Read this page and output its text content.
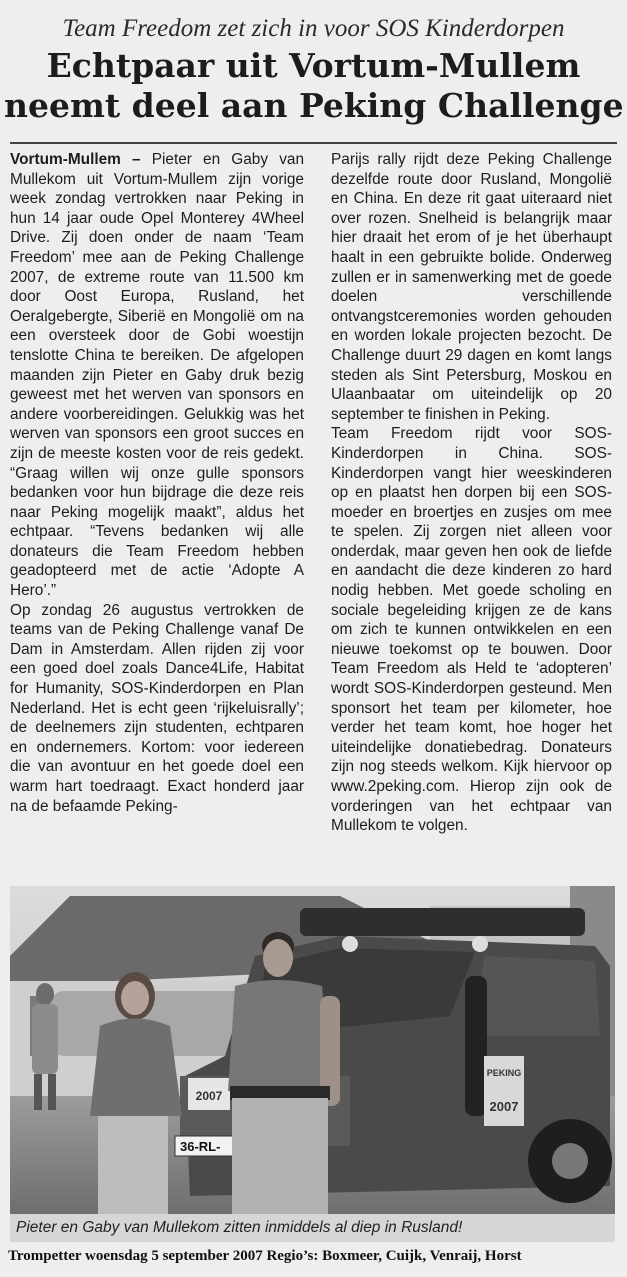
Team Freedom zet zich in voor SOS Kinderdorpen
Echtpaar uit Vortum-Mullem
neemt deel aan Peking Challenge

Vortum-Mullem – Pieter en Gaby van Mullekom uit Vortum-Mullem zijn vorige week zondag vertrokken naar Peking in hun 14 jaar oude Opel Monterey 4Wheel Drive. Zij doen onder de naam ‘Team Freedom’ mee aan de Peking Challenge 2007, de extreme route van 11.500 km door Oost Europa, Rusland, het Oeralgebergte, Siberië en Mongolië om na een oversteek door de Gobi woestijn tenslotte China te bereiken. De afgelopen maanden zijn Pieter en Gaby druk bezig geweest met het werven van sponsors en andere voorbereidingen. Gelukkig was het werven van sponsors een groot succes en zijn de meeste kosten voor de reis gedekt. “Graag willen wij onze gulle sponsors bedanken voor hun bijdrage die deze reis naar Peking mogelijk maakt”, aldus het echtpaar. “Tevens bedanken wij alle donateurs die Team Freedom hebben geadopteerd met de actie ‘Adopte A Hero’.”

Op zondag 26 augustus vertrokken de teams van de Peking Challenge vanaf De Dam in Amsterdam. Allen rijden zij voor een goed doel zoals Dance4Life, Habitat for Humanity, SOS-Kinderdorpen en Plan Nederland. Het is echt geen ‘rijkeluisrally’; de deelnemers zijn studenten, echtparen en ondernemers. Kortom: voor iedereen die van avontuur en het goede doel een warm hart toedraagt. Exact honderd jaar na de befaamde Peking-

Parijs rally rijdt deze Peking Challenge dezelfde route door Rusland, Mongolië en China. En deze rit gaat uiteraard niet over rozen. Snelheid is belangrijk maar hier draait het erom of je het überhaupt haalt in een gebruikte bolide. Onderweg zullen er in samenwerking met de goede doelen verschillende ontvangstceremonies worden gehouden en worden lokale projecten bezocht. De Challenge duurt 29 dagen en komt langs steden als Sint Petersburg, Moskou en Ulaanbaatar om uiteindelijk op 20 september te finishen in Peking.

Team Freedom rijdt voor SOS-Kinderdorpen in China. SOS-Kinderdorpen vangt hier weeskinderen op en plaatst hen dorpen bij een SOS-moeder en broertjes en zusjes om mee te spelen. Zij zorgen niet alleen voor onderdak, maar geven hen ook de liefde en aandacht die deze kinderen zo hard nodig hebben. Met goede scholing en sociale begeleiding krijgen ze de kans om zich te kunnen ontwikkelen en een nieuwe toekomst op te bouwen. Door Team Freedom als Held te ‘adopteren’ wordt SOS-Kinderdorpen gesteund. Men sponsort het team per kilometer, hoe verder het team komt, hoe hoger het uiteindelijke donatiebedrag. Donateurs zijn nog steeds welkom. Kijk hiervoor op www.2peking.com. Hierop zijn ook de vorderingen van het echtpaar van Mullekom te volgen.

2007
PEKING
2007
36-RL-
Pieter en Gaby van Mullekom zitten inmiddels al diep in Rusland!
Trompetter woensdag 5 september 2007 Regio’s: Boxmeer, Cuijk, Venraij, Horst
